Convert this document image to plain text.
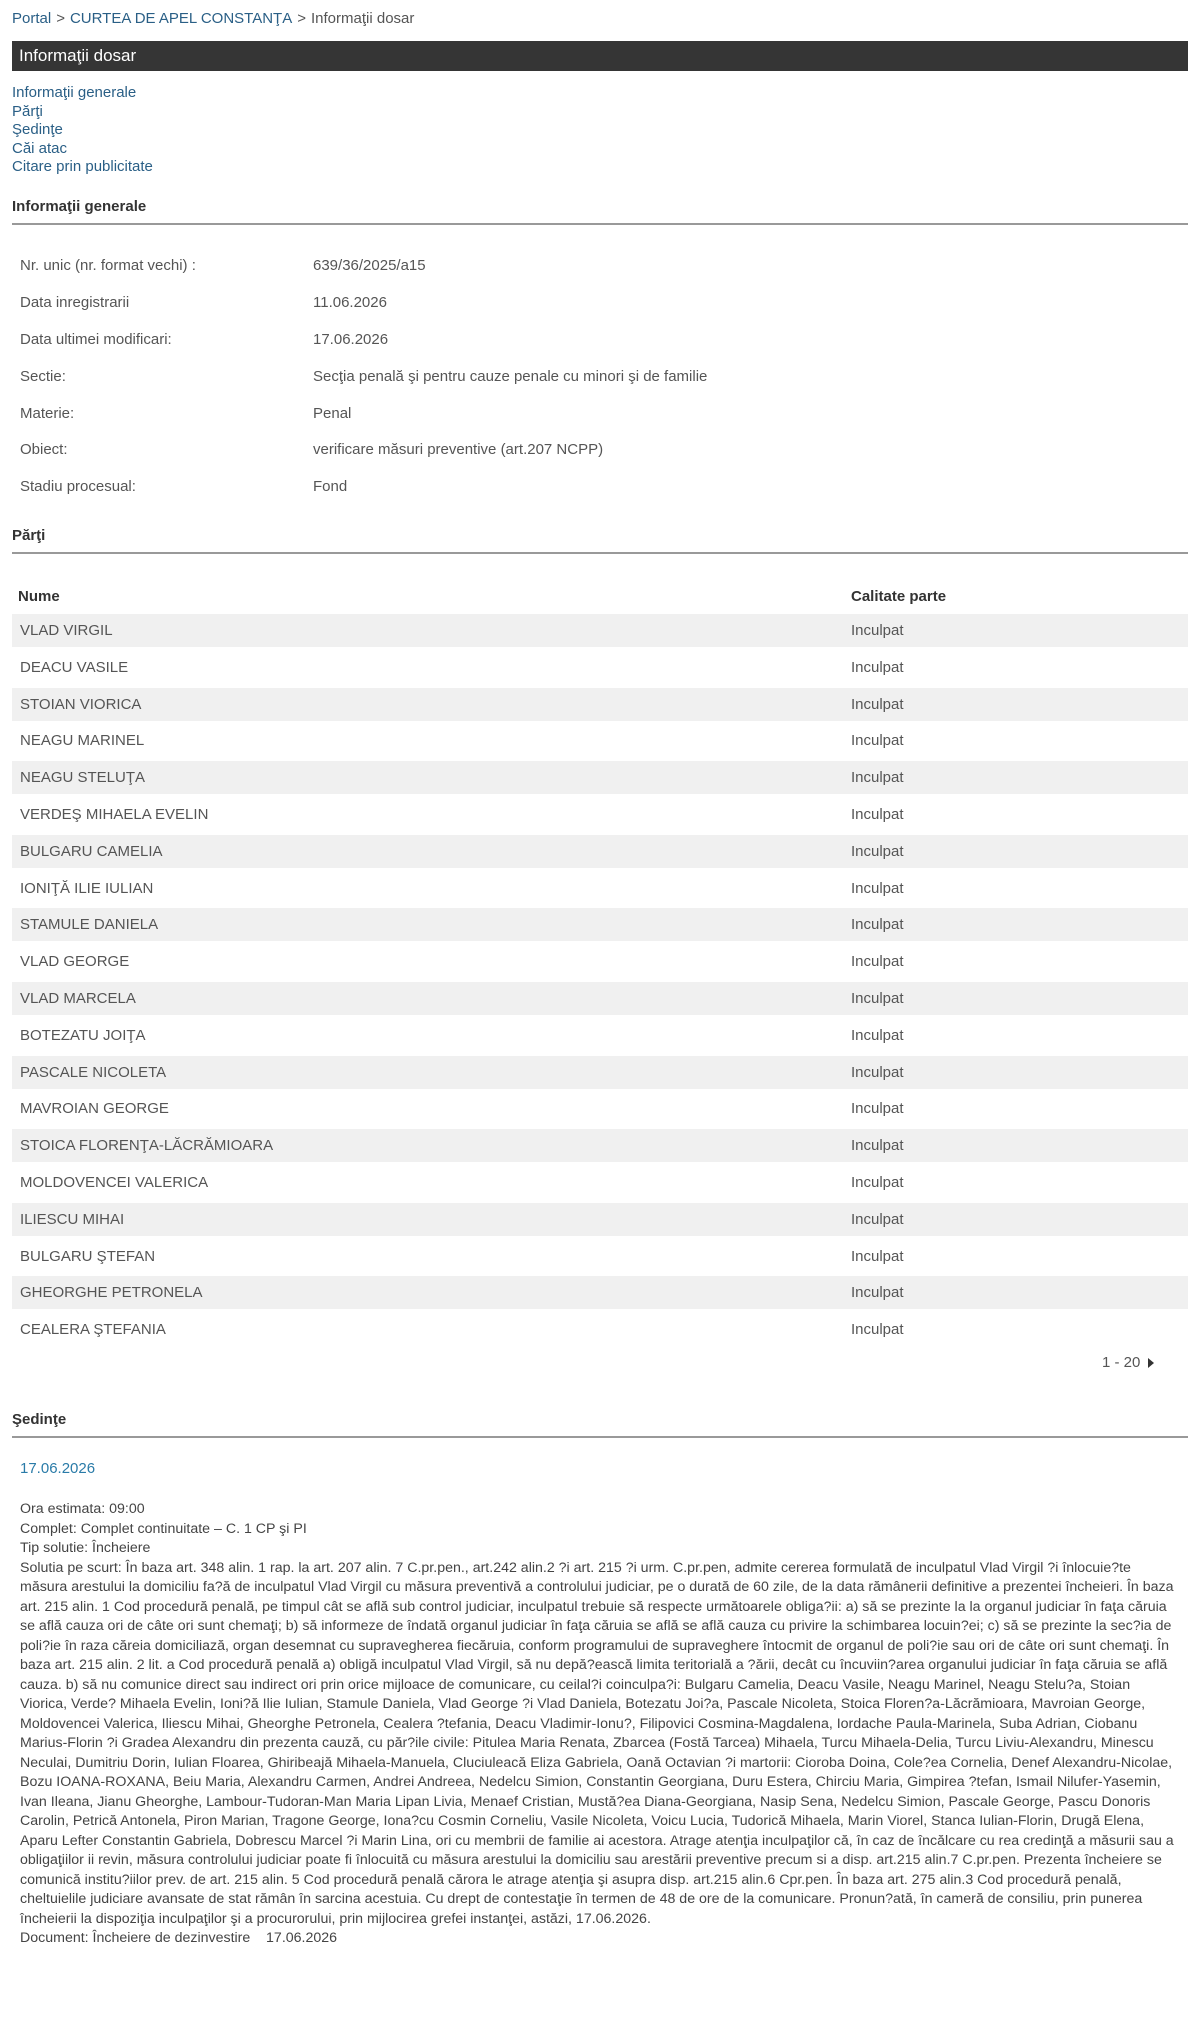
Portal > CURTEA DE APEL CONSTANŢA > Informaţii dosar
Informaţii dosar
Informaţii generale
Părţi
Şedinţe
Căi atac
Citare prin publicitate
Informaţii generale
Nr. unic (nr. format vechi) :	639/36/2025/a15
Data inregistrarii	11.06.2026
Data ultimei modificari:	17.06.2026
Sectie:	Secţia penală şi pentru cauze penale cu minori şi de familie
Materie:	Penal
Obiect:	verificare măsuri preventive (art.207 NCPP)
Stadiu procesual:	Fond
Părţi
Nume	Calitate parte
VLAD VIRGIL	Inculpat
DEACU VASILE	Inculpat
STOIAN VIORICA	Inculpat
NEAGU MARINEL	Inculpat
NEAGU STELUŢA	Inculpat
VERDEŞ MIHAELA EVELIN	Inculpat
BULGARU CAMELIA	Inculpat
IONIŢĂ ILIE IULIAN	Inculpat
STAMULE DANIELA	Inculpat
VLAD GEORGE	Inculpat
VLAD MARCELA	Inculpat
BOTEZATU JOIŢA	Inculpat
PASCALE NICOLETA	Inculpat
MAVROIAN GEORGE	Inculpat
STOICA FLORENŢA-LĂCRĂMIOARA	Inculpat
MOLDOVENCEI VALERICA	Inculpat
ILIESCU MIHAI	Inculpat
BULGARU ŞTEFAN	Inculpat
GHEORGHE PETRONELA	Inculpat
CEALERA ŞTEFANIA	Inculpat
1 - 20
Şedinţe
17.06.2026
Ora estimata: 09:00
Complet: Complet continuitate – C. 1 CP şi PI
Tip solutie: Încheiere
Solutia pe scurt: În baza art. 348 alin. 1 rap. la art. 207 alin. 7 C.pr.pen., art.242 alin.2 ?i art. 215 ?i urm. C.pr.pen, admite cererea formulată de inculpatul Vlad Virgil ?i înlocuie?te măsura arestului la domiciliu fa?ă de inculpatul Vlad Virgil cu măsura preventivă a controlului judiciar, pe o durată de 60 zile, de la data rămânerii definitive a prezentei încheieri. În baza art. 215 alin. 1 Cod procedură penală, pe timpul cât se află sub control judiciar, inculpatul trebuie să respecte următoarele obliga?ii: a) să se prezinte la la organul judiciar în faţa căruia se află cauza ori de câte ori sunt chemaţi; b) să informeze de îndată organul judiciar în faţa căruia se află se află cauza cu privire la schimbarea locuin?ei; c) să se prezinte la sec?ia de poli?ie în raza căreia domiciliază, organ desemnat cu supravegherea fiecăruia, conform programului de supraveghere întocmit de organul de poli?ie sau ori de câte ori sunt chemaţi. În baza art. 215 alin. 2 lit. a Cod procedură penală a) obligă inculpatul Vlad Virgil, să nu depă?ească limita teritorială a ?ării, decât cu încuviin?area organului judiciar în faţa căruia se află cauza. b) să nu comunice direct sau indirect ori prin orice mijloace de comunicare, cu ceilal?i coinculpa?i: Bulgaru Camelia, Deacu Vasile, Neagu Marinel, Neagu Stelu?a, Stoian Viorica, Verde? Mihaela Evelin, Ioni?ă Ilie Iulian, Stamule Daniela, Vlad George ?i Vlad Daniela, Botezatu Joi?a, Pascale Nicoleta, Stoica Floren?a-Lăcrămioara, Mavroian George, Moldovencei Valerica, Iliescu Mihai, Gheorghe Petronela, Cealera ?tefania, Deacu Vladimir-Ionu?, Filipovici Cosmina-Magdalena, Iordache Paula-Marinela, Suba Adrian, Ciobanu Marius-Florin ?i Gradea Alexandru din prezenta cauză, cu păr?ile civile: Pitulea Maria Renata, Zbarcea (Fostă Tarcea) Mihaela, Turcu Mihaela-Delia, Turcu Liviu-Alexandru, Minescu Neculai, Dumitriu Dorin, Iulian Floarea, Ghiribeajă Mihaela-Manuela, Cluciuleacă Eliza Gabriela, Oană Octavian ?i martorii: Cioroba Doina, Cole?ea Cornelia, Denef Alexandru-Nicolae, Bozu IOANA-ROXANA, Beiu Maria, Alexandru Carmen, Andrei Andreea, Nedelcu Simion, Constantin Georgiana, Duru Estera, Chirciu Maria, Gimpirea ?tefan, Ismail Nilufer-Yasemin, Ivan Ileana, Jianu Gheorghe, Lambour-Tudoran-Man Maria Lipan Livia, Menaef Cristian, Mustă?ea Diana-Georgiana, Nasip Sena, Nedelcu Simion, Pascale George, Pascu Donoris Carolin, Petrică Antonela, Piron Marian, Tragone George, Iona?cu Cosmin Corneliu, Vasile Nicoleta, Voicu Lucia, Tudorică Mihaela, Marin Viorel, Stanca Iulian-Florin, Drugă Elena, Aparu Lefter Constantin Gabriela, Dobrescu Marcel ?i Marin Lina, ori cu membrii de familie ai acestora. Atrage atenţia inculpaţilor că, în caz de încălcare cu rea credinţă a măsurii sau a obligaţiilor ii revin, măsura controlului judiciar poate fi înlocuită cu măsura arestului la domiciliu sau arestării preventive precum si a disp. art.215 alin.7 C.pr.pen. Prezenta încheiere se comunică institu?iilor prev. de art. 215 alin. 5 Cod procedură penală cărora le atrage atenţia şi asupra disp. art.215 alin.6 Cpr.pen. În baza art. 275 alin.3 Cod procedură penală, cheltuielile judiciare avansate de stat rămân în sarcina acestuia. Cu drept de contestaţie în termen de 48 de ore de la comunicare. Pronun?ată, în cameră de consiliu, prin punerea încheierii la dispoziţia inculpaţilor şi a procurorului, prin mijlocirea grefei instanţei, astăzi, 17.06.2026.
Document: Încheiere de dezinvestire    17.06.2026
